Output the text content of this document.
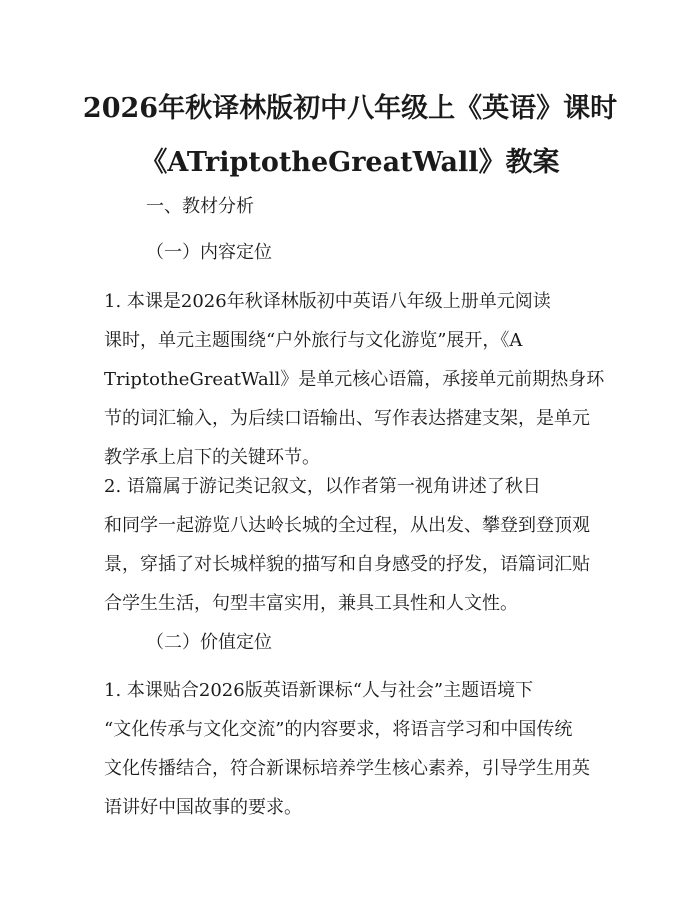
2026年秋译林版初中八年级上《英语》课时
《ATriptotheGreatWall》教案

一、教材分析

（一）内容定位

1. 本课是2026年秋译林版初中英语八年级上册单元阅读
课时，单元主题围绕“户外旅行与文化游览”展开，《A
TriptotheGreatWall》是单元核心语篇，承接单元前期热身环
节的词汇输入，为后续口语输出、写作表达搭建支架，是单元
教学承上启下的关键环节。

2. 语篇属于游记类记叙文，以作者第一视角讲述了秋日
和同学一起游览八达岭长城的全过程，从出发、攀登到登顶观
景，穿插了对长城样貌的描写和自身感受的抒发，语篇词汇贴
合学生生活，句型丰富实用，兼具工具性和人文性。

（二）价值定位

1. 本课贴合2026版英语新课标“人与社会”主题语境下
“文化传承与文化交流”的内容要求，将语言学习和中国传统
文化传播结合，符合新课标培养学生核心素养，引导学生用英
语讲好中国故事的要求。
